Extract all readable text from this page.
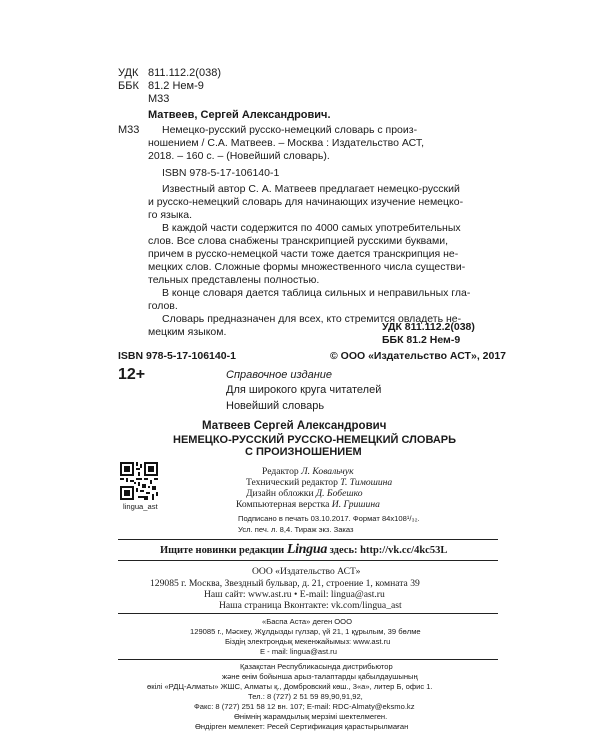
УДК 811.112.2(038)
ББК 81.2 Нем-9
М33
Матвеев, Сергей Александрович.
М33 Немецко-русский русско-немецкий словарь с произ-
ношением / С.А. Матвеев. – Москва : Издательство АСТ,
2018. – 160 с. – (Новейший словарь).
ISBN 978-5-17-106140-1
Известный автор С. А. Матвеев предлагает немецко-русский
и русско-немецкий словарь для начинающих изучение немецко-
го языка.
В каждой части содержится по 4000 самых употребительных
слов. Все слова снабжены транскрипцией русскими буквами,
причем в русско-немецкой части тоже дается транскрипция не-
мецких слов. Сложные формы множественного числа существи-
тельных представлены полностью.
В конце словаря дается таблица сильных и неправильных гла-
голов.
Словарь предназначен для всех, кто стремится овладеть не-
мецким языком.	УДК 811.112.2(038)
ББК 81.2 Нем-9
ISBN 978-5-17-106140-1	© ООО «Издательство АСТ», 2017
12+	Справочное издание
Для широкого круга читателей
Новейший словарь
Матвеев Сергей Александрович
НЕМЕЦКО-РУССКИЙ РУССКО-НЕМЕЦКИЙ СЛОВАРЬ
С ПРОИЗНОШЕНИЕМ
lingua_ast
Редактор Л. Ковальчук
Технический редактор Т. Тимошина
Дизайн обложки Д. Бобешко
Компьютерная верстка И. Гришина
Подписано в печать 03.10.2017. Формат 84х108¹/₃₂.
Усл. печ. л. 8,4. Тираж экз. Заказ
Ищите новинки редакции Lingua здесь: http://vk.cc/4kc53L
ООО «Издательство АСТ»
129085 г. Москва, Звездный бульвар, д. 21, строение 1, комната 39
Наш сайт: www.ast.ru • E-mail: lingua@ast.ru
Наша страница Вконтакте: vk.com/lingua_ast
«Баспа Аста» деген ООО
129085 г., Мәскеу, Жұлдызды гүлзар, үй 21, 1 құрылым, 39 бөлме
Біздің электрондық мекенжайымыз: www.ast.ru
E - mail: lingua@ast.ru
Қазақстан Республикасында дистрибьютор
және өнім бойынша арыз-талаптарды қабылдаушының
өкілі «РДЦ-Алматы» ЖШС, Алматы қ., Домбровский көш., 3«а», литер Б, офис 1.
Тел.: 8 (727) 2 51 59 89,90,91,92,
Факс: 8 (727) 251 58 12 вн. 107; E-mail: RDC-Almaty@eksmo.kz
Өнімнің жарамдылық мерзімі шектелмеген.
Өндірген мемлекет: Ресей Сертификация қарастырылмаған
